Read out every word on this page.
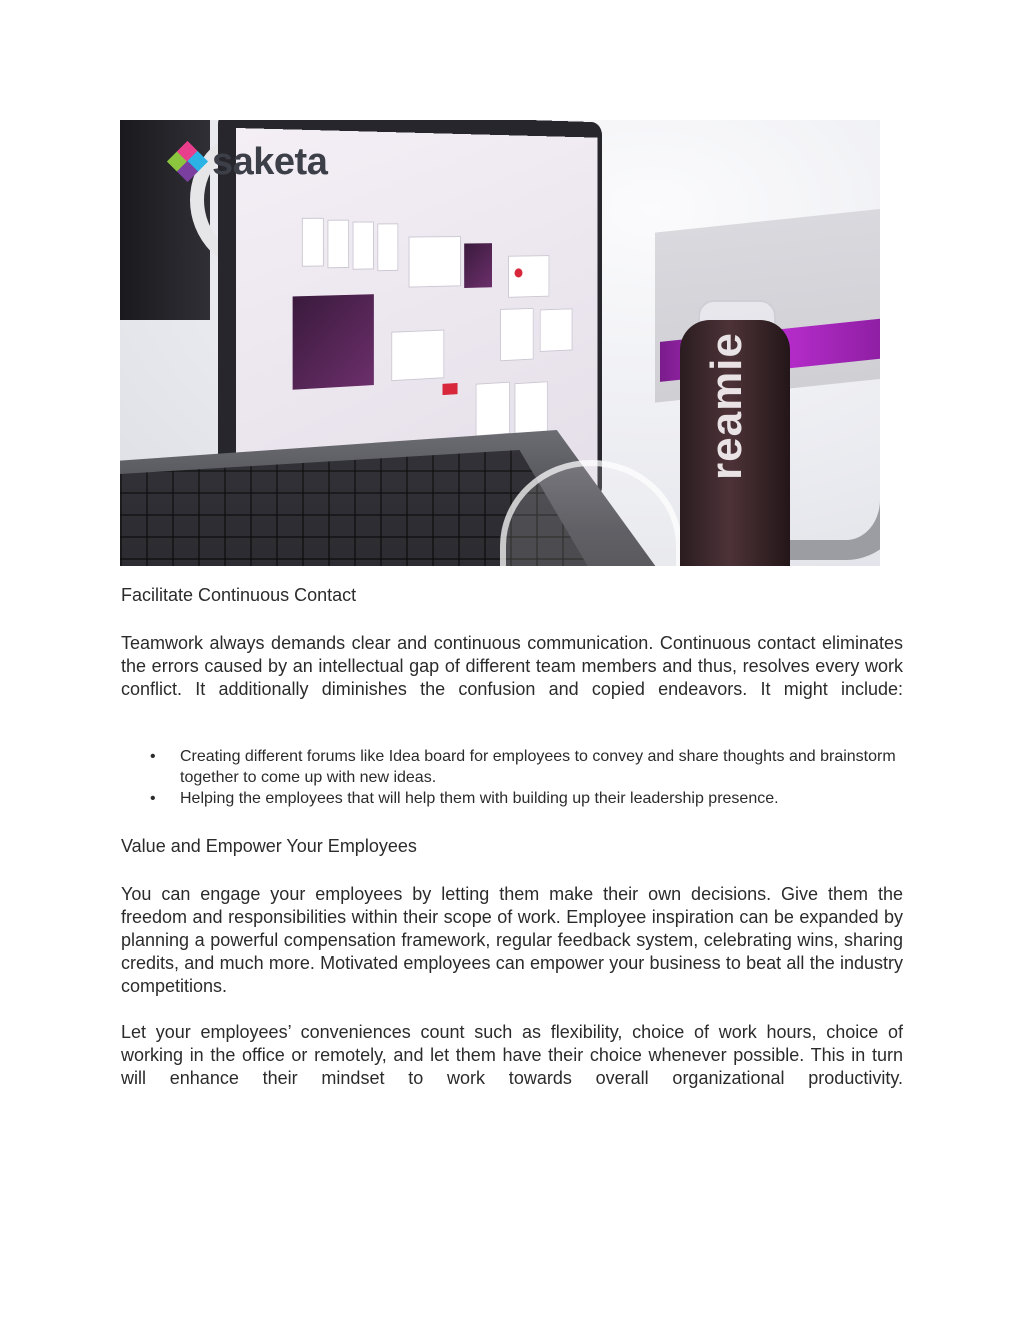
reamie
saketa
Facilitate Continuous Contact
Teamwork always demands clear and continuous communication. Continuous contact eliminates the errors caused by an intellectual gap of different team members and thus, resolves every work conflict. It additionally diminishes the confusion and copied endeavors. It might include:
• Creating different forums like Idea board for employees to convey and share thoughts and brainstorm together to come up with new ideas.
• Helping the employees that will help them with building up their leadership presence.
Value and Empower Your Employees
You can engage your employees by letting them make their own decisions. Give them the freedom and responsibilities within their scope of work. Employee inspiration can be expanded by planning a powerful compensation framework, regular feedback system, celebrating wins, sharing credits, and much more. Motivated employees can empower your business to beat all the industry competitions.
Let your employees’ conveniences count such as flexibility, choice of work hours, choice of working in the office or remotely, and let them have their choice whenever possible. This in turn will enhance their mindset to work towards overall organizational productivity.
